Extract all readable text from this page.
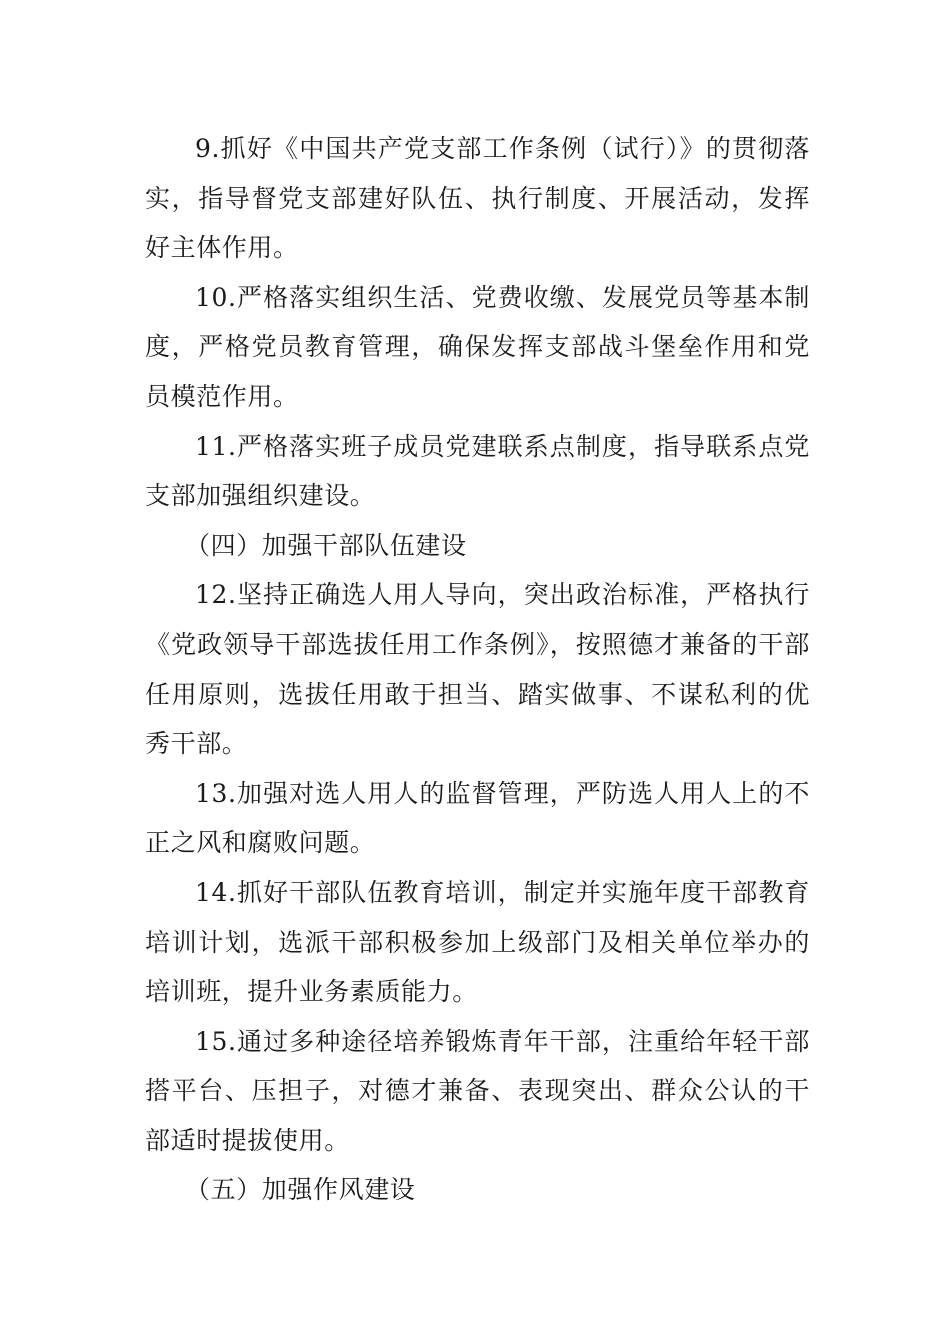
9.抓好《中国共产党支部工作条例（试行）》的贯彻落实，指导督党支部建好队伍、执行制度、开展活动，发挥好主体作用。

10.严格落实组织生活、党费收缴、发展党员等基本制度，严格党员教育管理，确保发挥支部战斗堡垒作用和党员模范作用。

11.严格落实班子成员党建联系点制度，指导联系点党支部加强组织建设。

（四）加强干部队伍建设

12.坚持正确选人用人导向，突出政治标准，严格执行《党政领导干部选拔任用工作条例》，按照德才兼备的干部任用原则，选拔任用敢于担当、踏实做事、不谋私利的优秀干部。

13.加强对选人用人的监督管理，严防选人用人上的不正之风和腐败问题。

14.抓好干部队伍教育培训，制定并实施年度干部教育培训计划，选派干部积极参加上级部门及相关单位举办的培训班，提升业务素质能力。

15.通过多种途径培养锻炼青年干部，注重给年轻干部搭平台、压担子，对德才兼备、表现突出、群众公认的干部适时提拔使用。

（五）加强作风建设
